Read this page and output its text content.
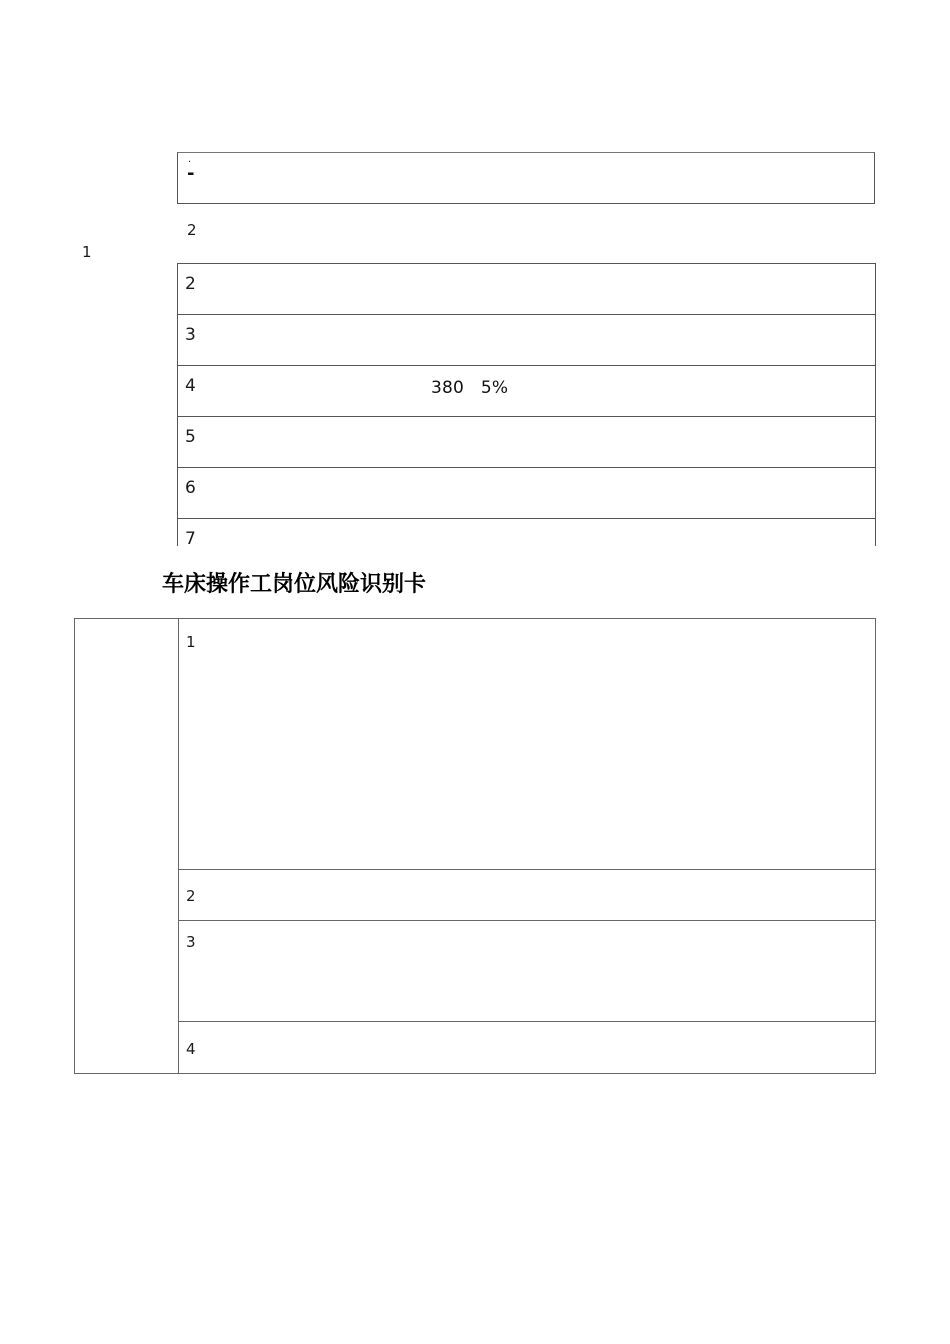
.
-
2
1
2
3
4	380   5%
5
6
7
车床操作工岗位风险识别卡
1
2
3
4
